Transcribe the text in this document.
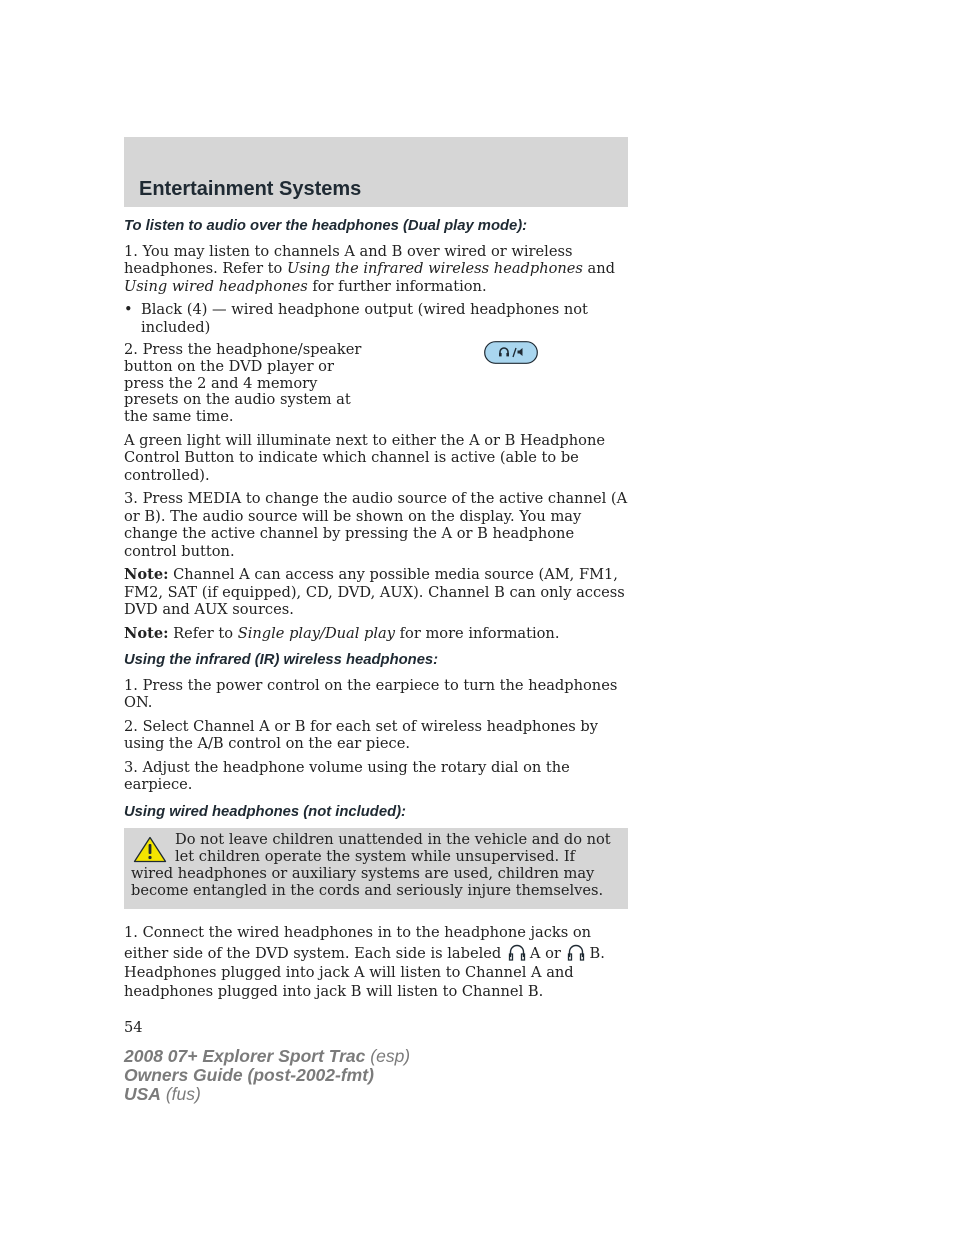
Entertainment Systems
To listen to audio over the headphones (Dual play mode):

1. You may listen to channels A and B over wired or wireless headphones. Refer to Using the infrared wireless headphones and Using wired headphones for further information.

• Black (4) — wired headphone output (wired headphones not included)
2. Press the headphone/speaker button on the DVD player or press the 2 and 4 memory presets on the audio system at the same time.

A green light will illuminate next to either the A or B Headphone Control Button to indicate which channel is active (able to be controlled).

3. Press MEDIA to change the audio source of the active channel (A or B). The audio source will be shown on the display. You may change the active channel by pressing the A or B headphone control button.

Note: Channel A can access any possible media source (AM, FM1, FM2, SAT (if equipped), CD, DVD, AUX). Channel B can only access DVD and AUX sources.

Note: Refer to Single play/Dual play for more information.

Using the infrared (IR) wireless headphones:

1. Press the power control on the earpiece to turn the headphones ON.

2. Select Channel A or B for each set of wireless headphones by using the A/B control on the ear piece.

3. Adjust the headphone volume using the rotary dial on the earpiece.

Using wired headphones (not included):
Do not leave children unattended in the vehicle and do not let children operate the system while unsupervised. If wired headphones or auxiliary systems are used, children may become entangled in the cords and seriously injure themselves.

1. Connect the wired headphones in to the headphone jacks on either side of the DVD system. Each side is labeled A or B. Headphones plugged into jack A will listen to Channel A and headphones plugged into jack B will listen to Channel B.

54
2008 07+ Explorer Sport Trac (esp)
Owners Guide (post-2002-fmt)
USA (fus)
